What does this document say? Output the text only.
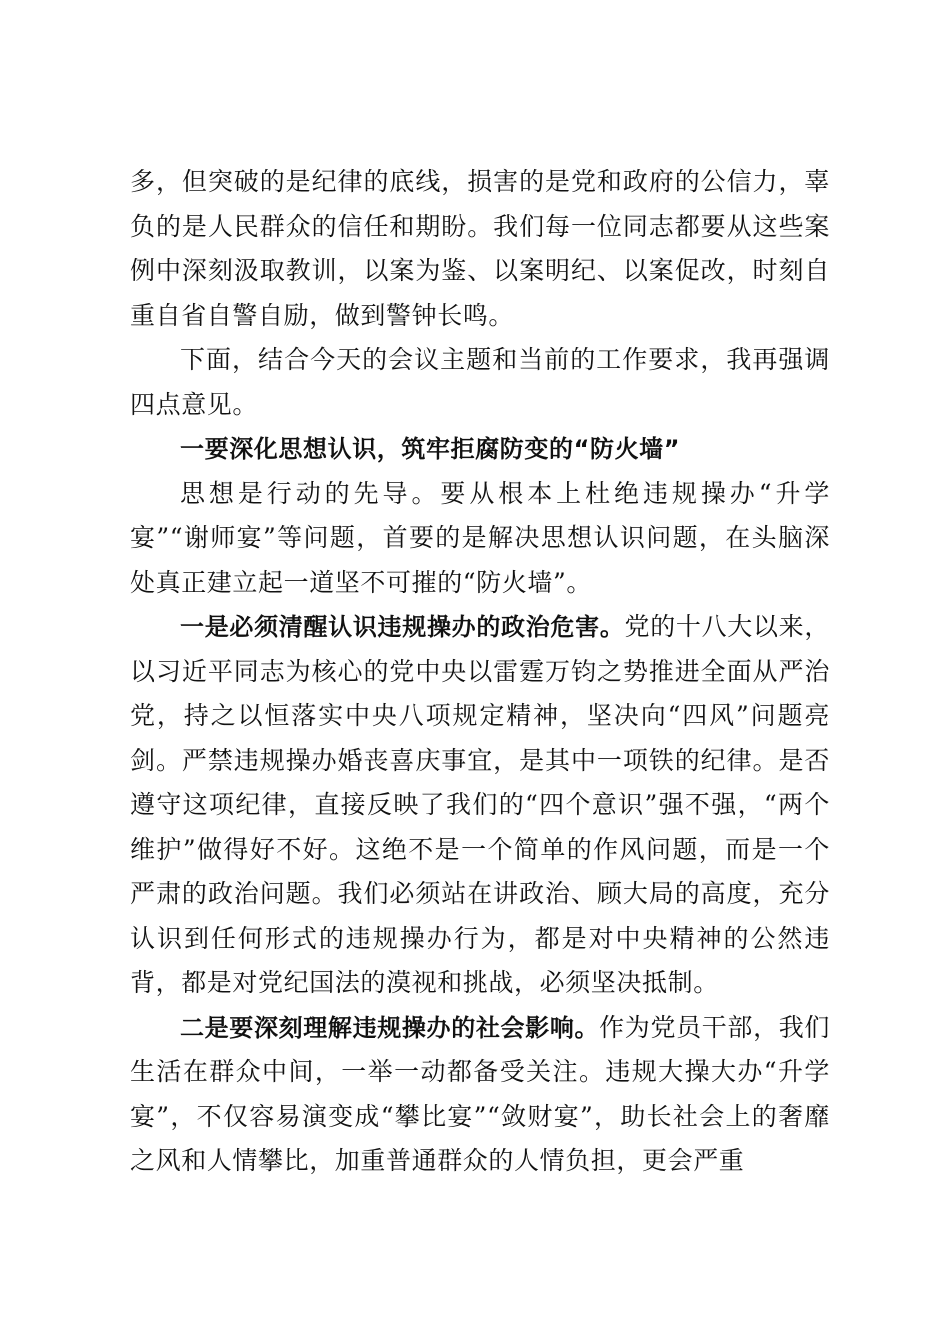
多，但突破的是纪律的底线，损害的是党和政府的公信力，辜负的是人民群众的信任和期盼。我们每一位同志都要从这些案例中深刻汲取教训，以案为鉴、以案明纪、以案促改，时刻自重自省自警自励，做到警钟长鸣。

下面，结合今天的会议主题和当前的工作要求，我再强调四点意见。

一要深化思想认识，筑牢拒腐防变的“防火墙”

思想是行动的先导。要从根本上杜绝违规操办“升学宴”“谢师宴”等问题，首要的是解决思想认识问题，在头脑深处真正建立起一道坚不可摧的“防火墙”。

一是必须清醒认识违规操办的政治危害。党的十八大以来，以习近平同志为核心的党中央以雷霆万钧之势推进全面从严治党，持之以恒落实中央八项规定精神，坚决向“四风”问题亮剑。严禁违规操办婚丧喜庆事宜，是其中一项铁的纪律。是否遵守这项纪律，直接反映了我们的“四个意识”强不强，“两个维护”做得好不好。这绝不是一个简单的作风问题，而是一个严肃的政治问题。我们必须站在讲政治、顾大局的高度，充分认识到任何形式的违规操办行为，都是对中央精神的公然违背，都是对党纪国法的漠视和挑战，必须坚决抵制。

二是要深刻理解违规操办的社会影响。作为党员干部，我们生活在群众中间，一举一动都备受关注。违规大操大办“升学宴”，不仅容易演变成“攀比宴”“敛财宴”，助长社会上的奢靡之风和人情攀比，加重普通群众的人情负担，更会严重
